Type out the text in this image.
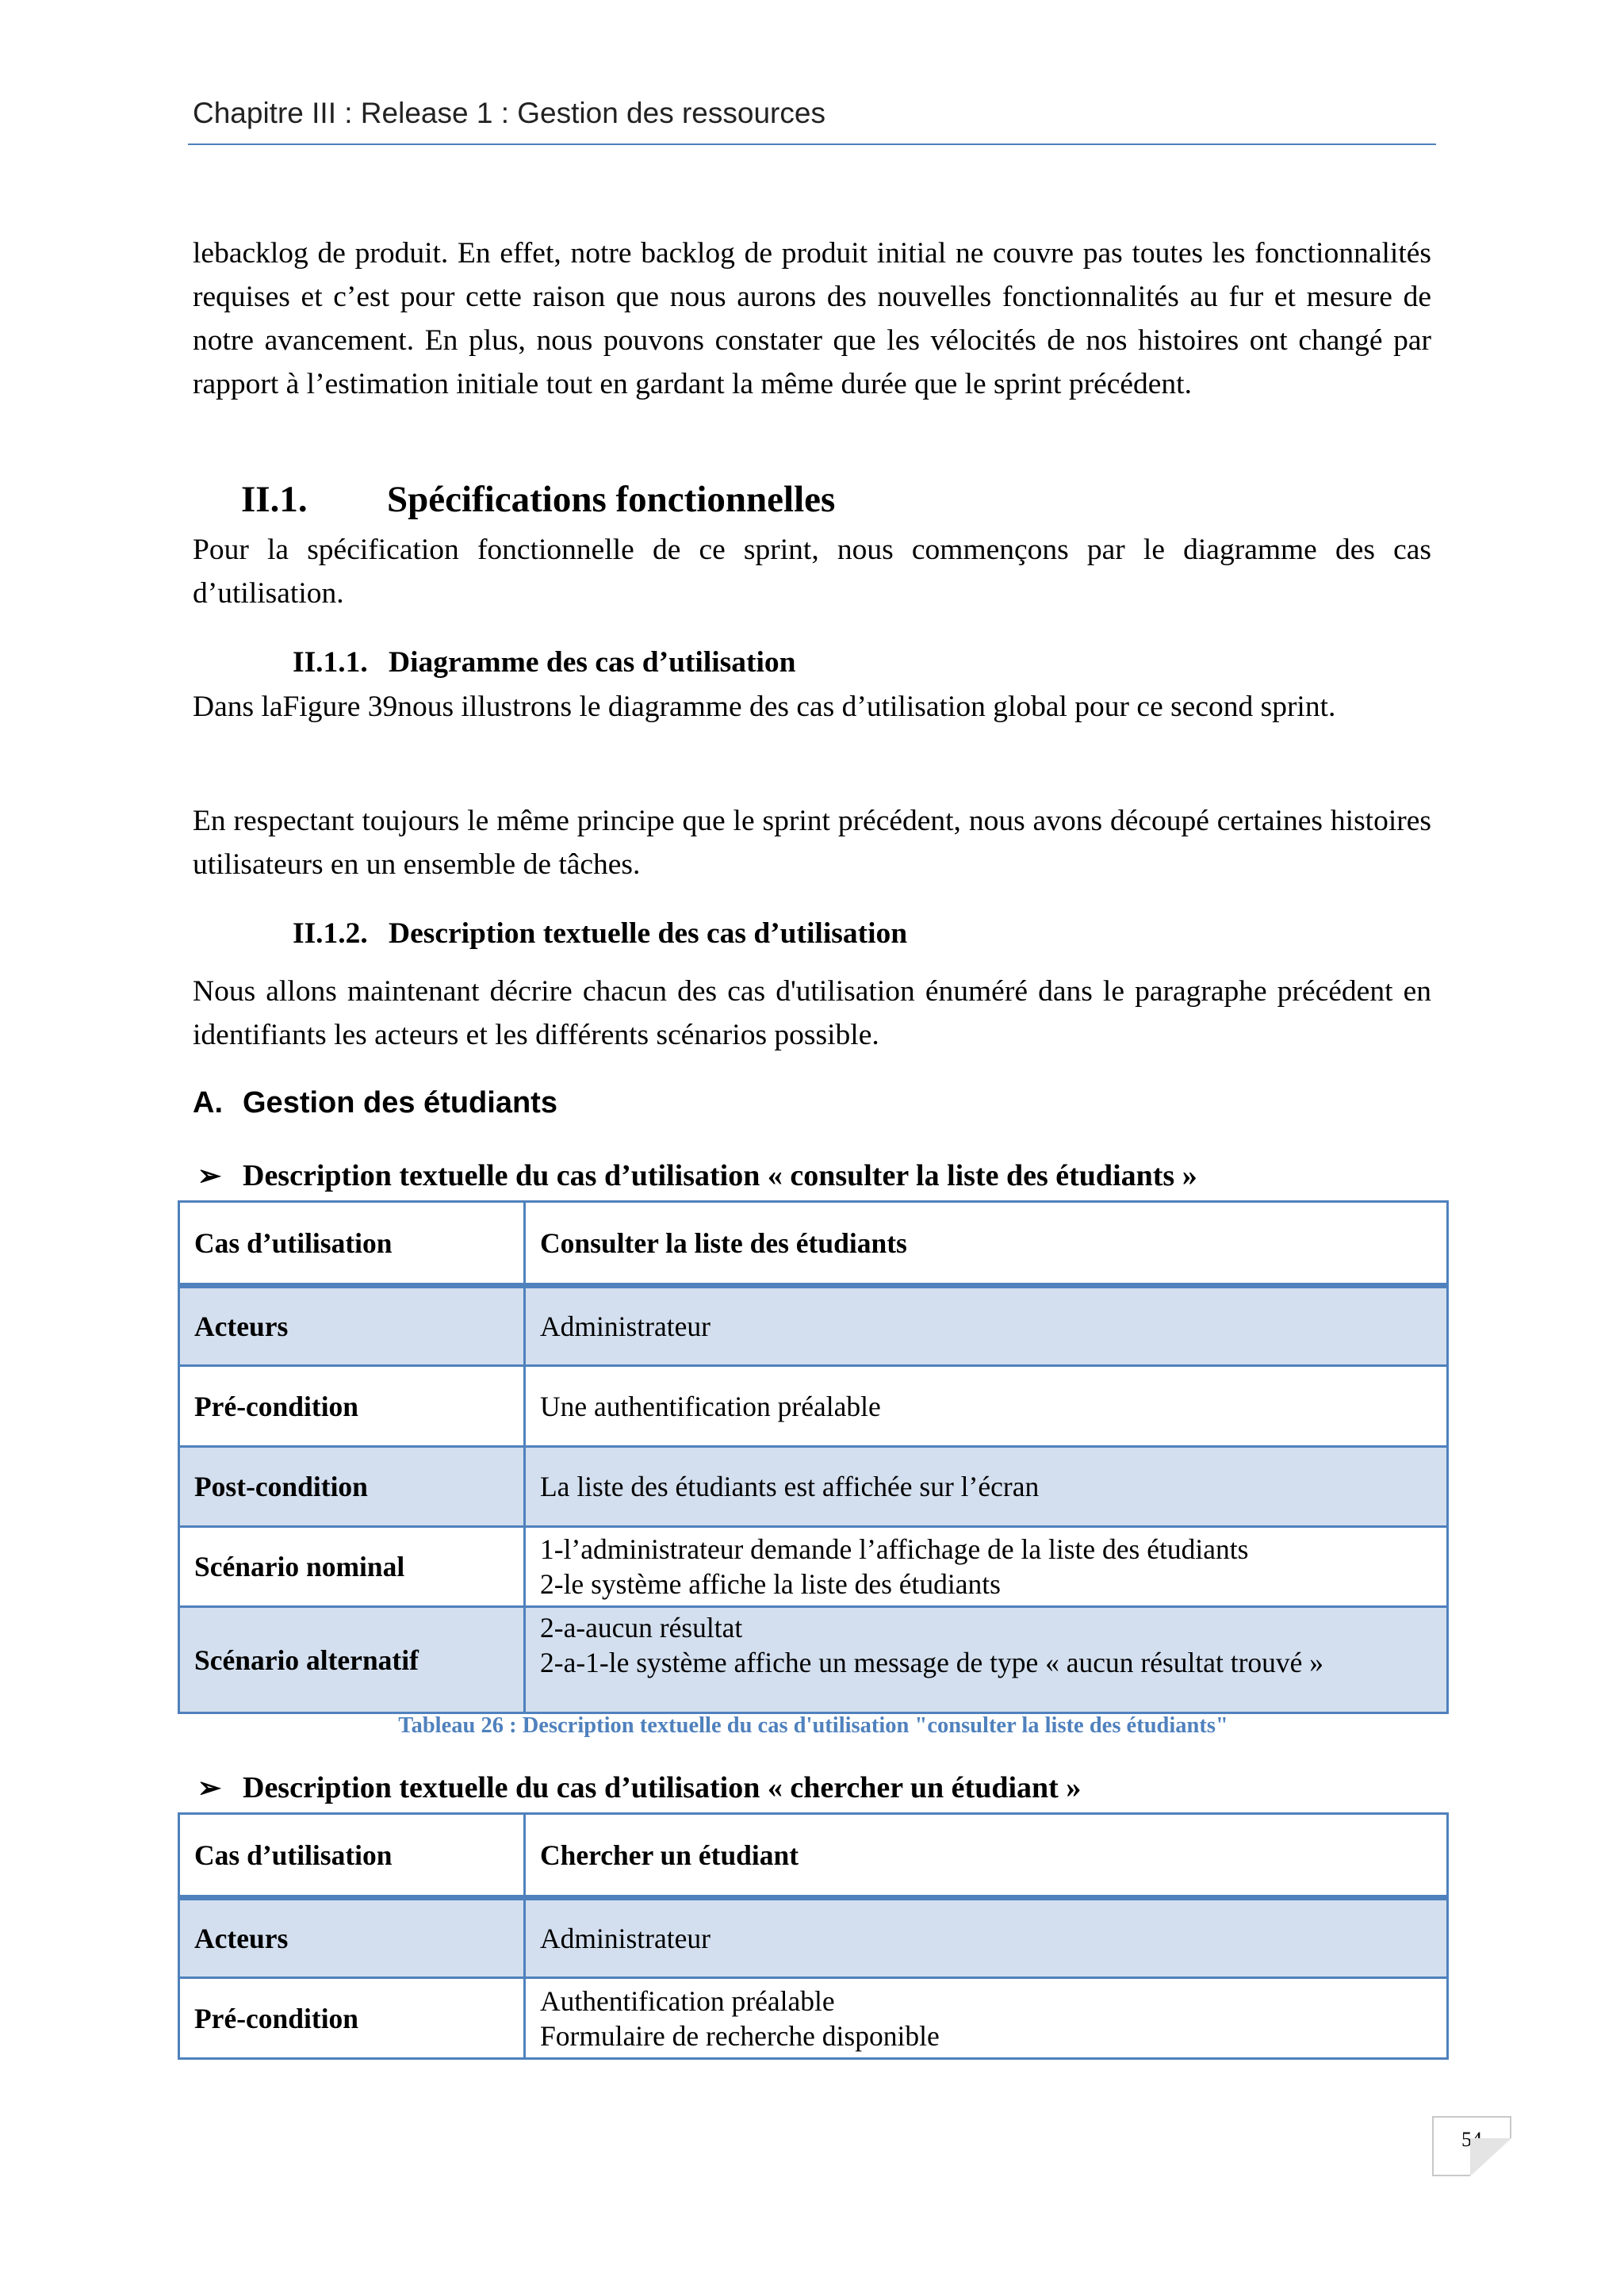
Chapitre III : Release 1 : Gestion des ressources

lebacklog de produit. En effet, notre backlog de produit initial ne couvre pas toutes les fonctionnalités requises et c’est pour cette raison que nous aurons des nouvelles fonctionnalités au fur et mesure de notre avancement. En plus, nous pouvons constater que les vélocités de nos histoires ont changé par rapport à l’estimation initiale tout en gardant la même durée que le sprint précédent.

II.1. Spécifications fonctionnelles

Pour la spécification fonctionnelle de ce sprint, nous commençons par le diagramme des cas d’utilisation.

II.1.1. Diagramme des cas d’utilisation

Dans laFigure 39nous illustrons le diagramme des cas d’utilisation global pour ce second sprint.

En respectant toujours le même principe que le sprint précédent, nous avons découpé certaines histoires utilisateurs en un ensemble de tâches.

II.1.2. Description textuelle des cas d’utilisation

Nous allons maintenant décrire chacun des cas d'utilisation énuméré dans le paragraphe précédent en identifiants les acteurs et les différents scénarios possible.

A. Gestion des étudiants
➢ Description textuelle du cas d’utilisation « consulter la liste des étudiants »
Cas d’utilisation	Consulter la liste des étudiants
Acteurs	Administrateur
Pré-condition	Une authentification préalable
Post-condition	La liste des étudiants est affichée sur l’écran
Scénario nominal	1-l’administrateur demande l’affichage de la liste des étudiants
2-le système affiche la liste des étudiants

Scénario alternatif	2-a-aucun résultat
2-a-1-le système affiche un message de type « aucun résultat trouvé »
Tableau 26 : Description textuelle du cas d'utilisation "consulter la liste des étudiants"
➢ Description textuelle du cas d’utilisation « chercher un étudiant »
Cas d’utilisation	Chercher un étudiant
Acteurs	Administrateur
Pré-condition	Authentification préalable
Formulaire de recherche disponible
54
